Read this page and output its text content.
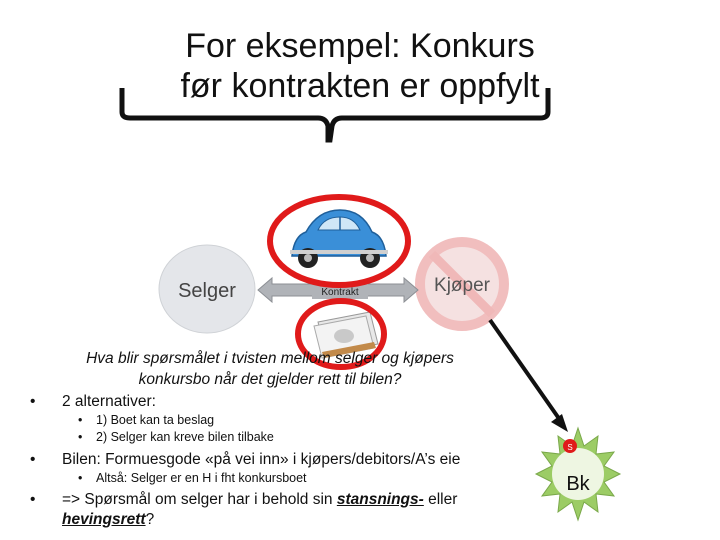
For eksempel: Konkurs
før kontrakten er oppfylt
Selger	Kjøper
Kontrakt
Bk
S
Hva blir spørsmålet i tvisten mellom selger og kjøpers konkursbo når det gjelder rett til bilen?
• 2 alternativer:
• 1) Boet kan ta beslag
• 2) Selger kan kreve bilen tilbake
• Bilen: Formuesgode «på vei inn» i kjøpers/debitors/A’s eie
• Altså: Selger er en H i fht konkursboet
• => Spørsmål om selger har i behold sin stansnings- eller hevingsrett?
